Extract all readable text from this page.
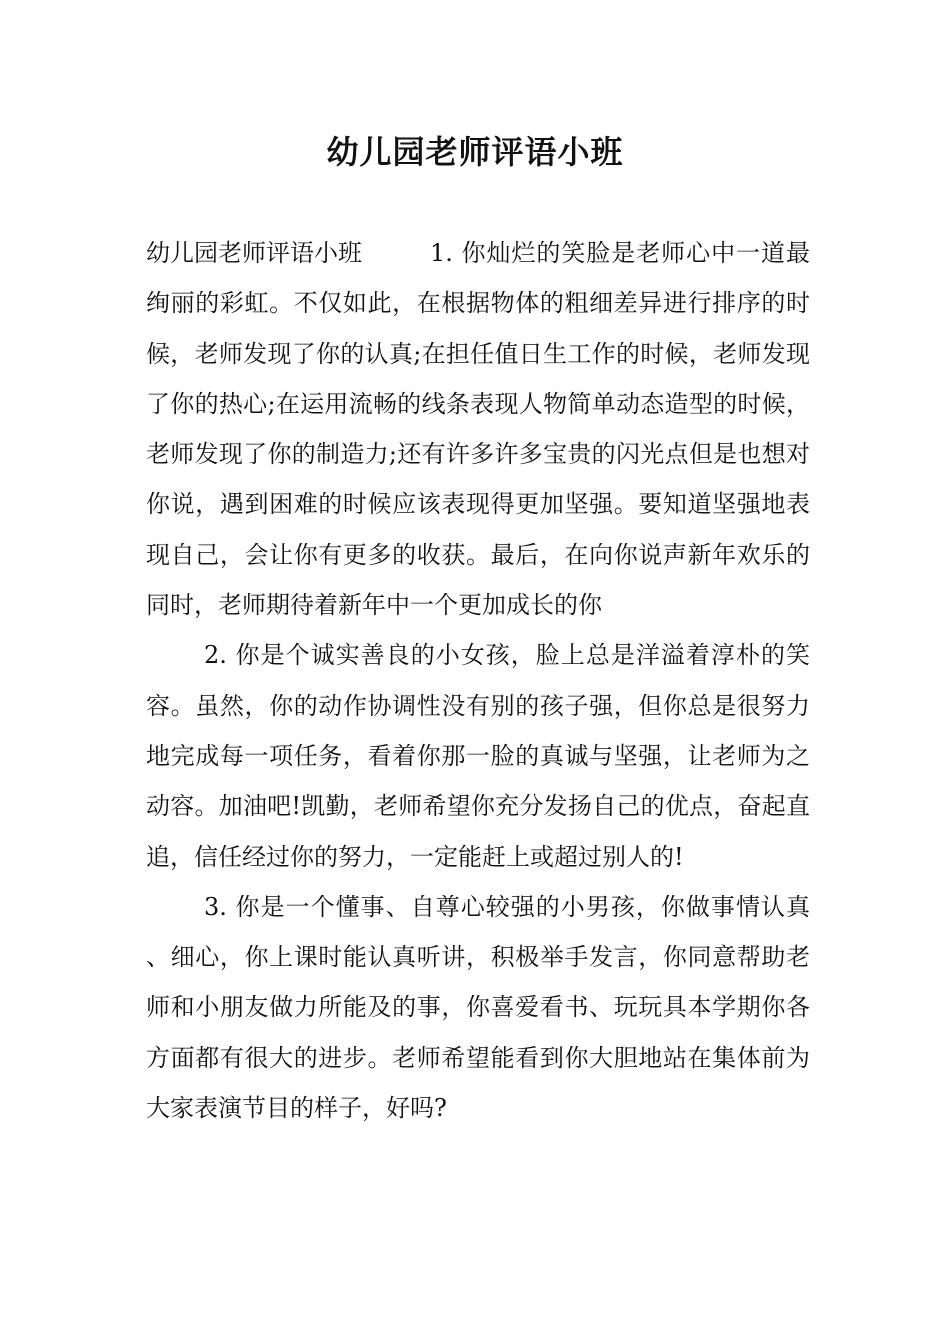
幼儿园老师评语小班

幼儿园老师评语小班	1. 你灿烂的笑脸是老师心中一道最绚丽的彩虹。不仅如此，在根据物体的粗细差异进行排序的时候，老师发现了你的认真;在担任值日生工作的时候，老师发现了你的热心;在运用流畅的线条表现人物简单动态造型的时候，老师发现了你的制造力;还有许多许多宝贵的闪光点但是也想对你说，遇到困难的时候应该表现得更加坚强。要知道坚强地表现自己，会让你有更多的收获。最后，在向你说声新年欢乐的同时，老师期待着新年中一个更加成长的你

2. 你是个诚实善良的小女孩，脸上总是洋溢着淳朴的笑容。虽然，你的动作协调性没有别的孩子强，但你总是很努力地完成每一项任务，看着你那一脸的真诚与坚强，让老师为之动容。加油吧!凯勤，老师希望你充分发扬自己的优点，奋起直追，信任经过你的努力，一定能赶上或超过别人的!

3. 你是一个懂事、自尊心较强的小男孩，你做事情认真、细心，你上课时能认真听讲，积极举手发言，你同意帮助老师和小朋友做力所能及的事，你喜爱看书、玩玩具本学期你各方面都有很大的进步。老师希望能看到你大胆地站在集体前为大家表演节目的样子，好吗?
